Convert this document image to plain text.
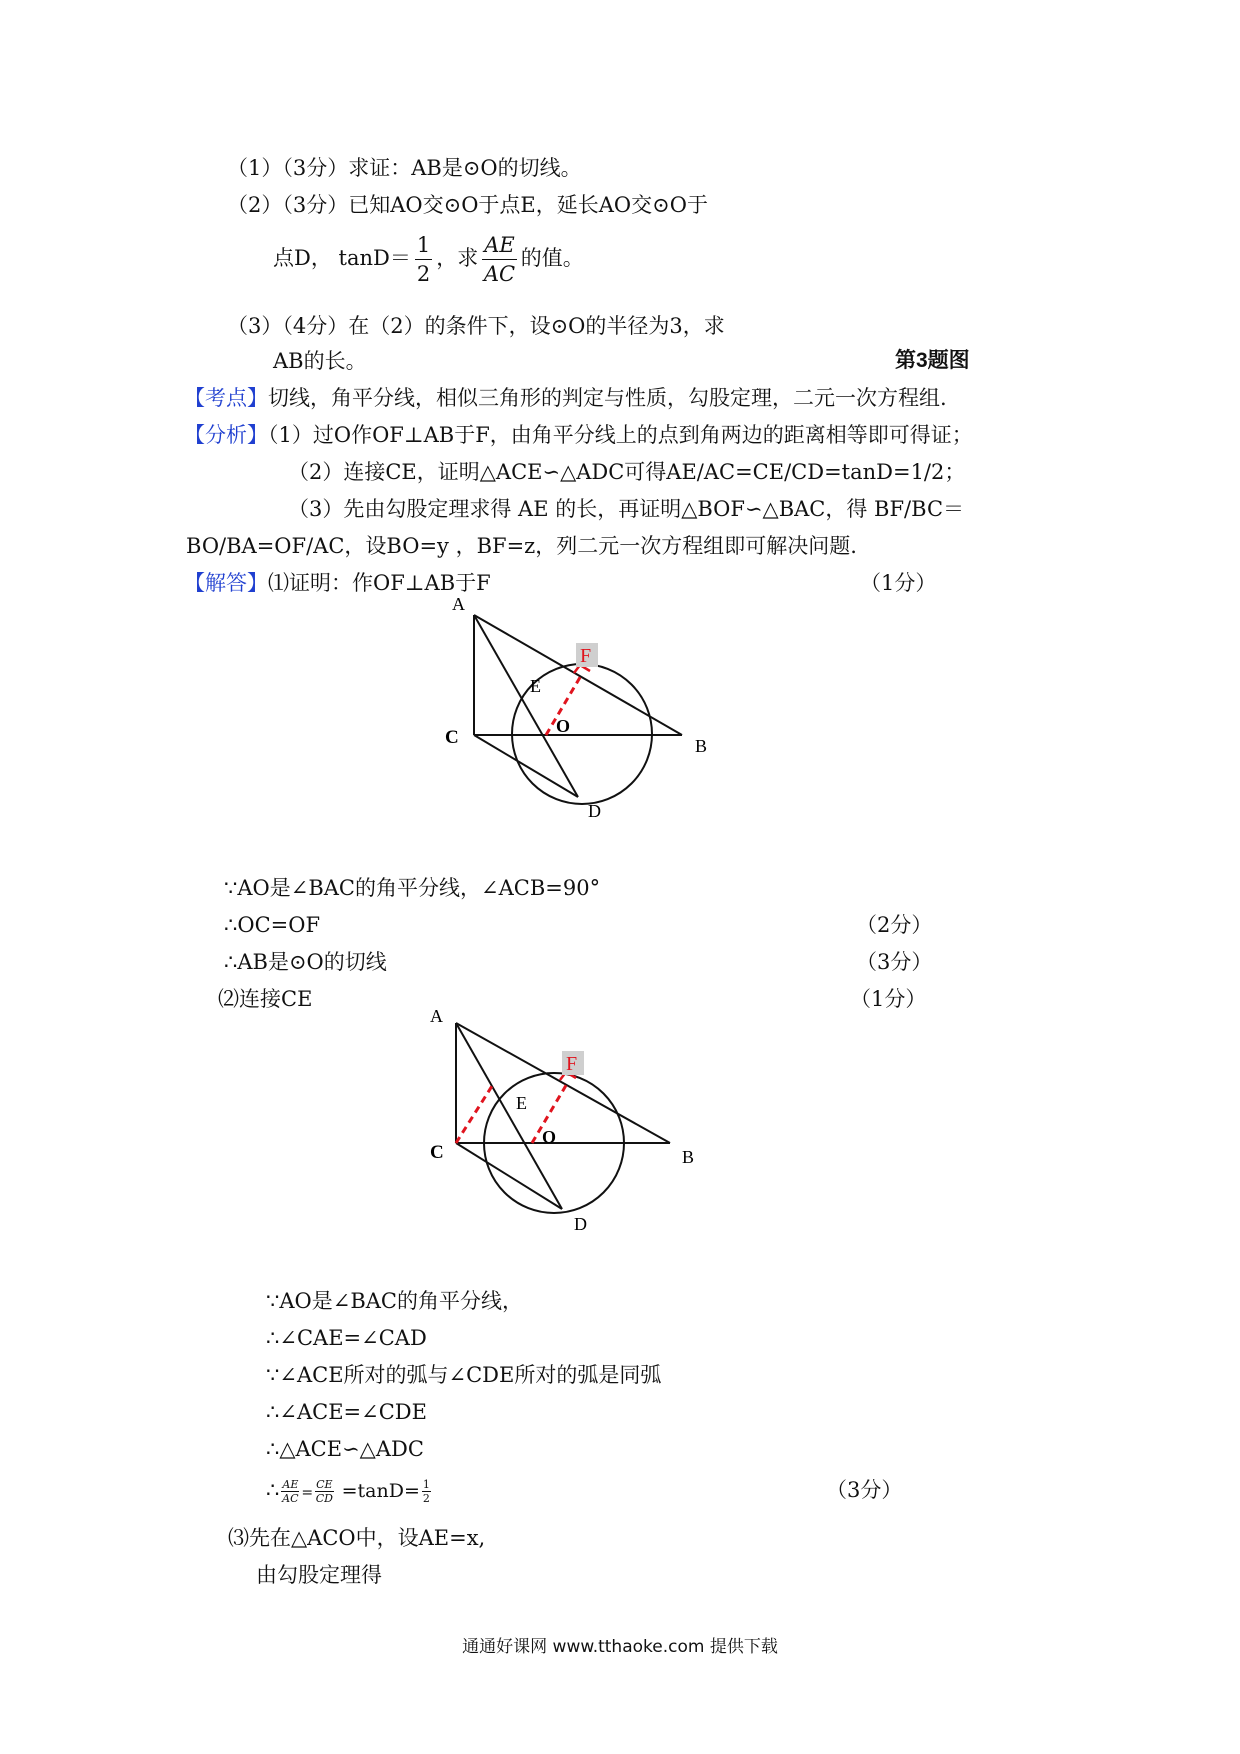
（1）（3分）求证：AB是⊙O的切线。
（2）（3分）已知AO交⊙O于点E，延长AO交⊙O于
点D， $\tan D= \frac{1}{2}$ ，求 $\frac{AE}{AC}$ 的值。
（3）（4分）在（2）的条件下，设⊙O的半径为3，求
AB的长。	第3题图
【考点】切线，角平分线，相似三角形的判定与性质，勾股定理，二元一次方程组.
【分析】（1）过O作OF⊥AB于F，由角平分线上的点到角两边的距离相等即可得证；
（2）连接CE，证明△ACE∽△ADC可得AE/AC=CE/CD=tanD=1/2；
（3）先由勾股定理求得 AE 的长，再证明△BOF∽△BAC，得 BF/BC＝
BO/BA=OF/AC，设BO=y ，BF=z，列二元一次方程组即可解决问题.
【解答】⑴证明：作OF⊥AB于F	（1分）
A
B
C
D
E
F
O
∵AO是∠BAC的角平分线，∠ACB=90°
∴OC=OF	（2分）
∴AB是⊙O的切线	（3分）
⑵连接CE	（1分）
A
B
C
D
E
F
O
∵AO是∠BAC的角平分线，
∴∠CAE=∠CAD
∵∠ACE所对的弧与∠CDE所对的弧是同弧
∴∠ACE=∠CDE
∴△ACE∽△ADC
∴ $\frac{AE}{AC} = \frac{CE}{CD} =\tan D= \frac{1}{2}$	（3分）
⑶先在△ACO中，设AE=x,
由勾股定理得
通通好课网 www.tthaoke.com 提供下载
